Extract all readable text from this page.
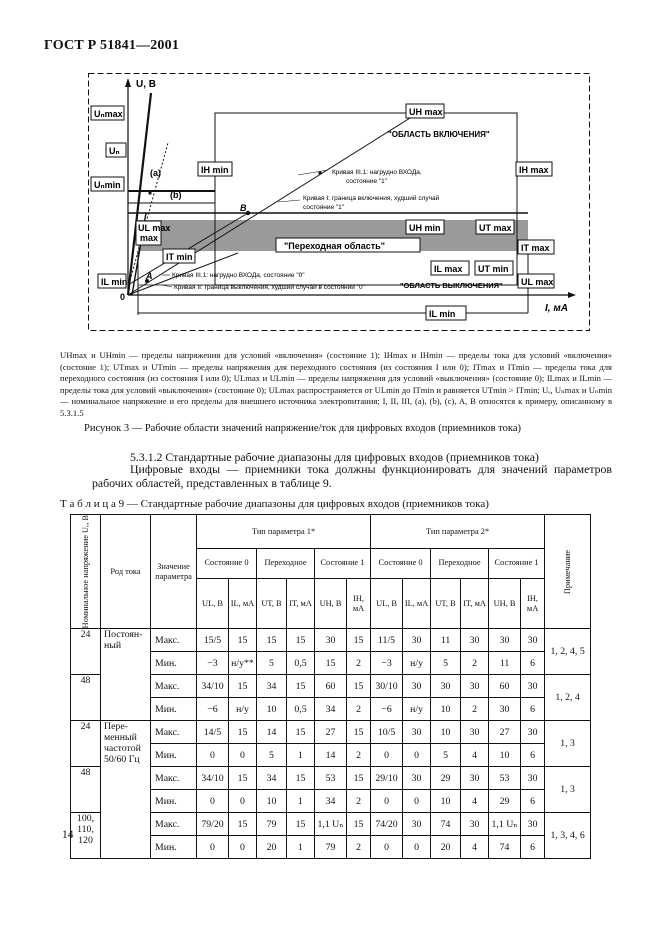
ГОСТ Р 51841—2001
U, В
I, мА
0
Uₙmax
Uₙ
Uₙmin
UL max
max
IL min
IT min
IH min	IH max
UH max
UH min	UT max
IT max
IL max UT min
UL max
IL min
"ОБЛАСТЬ ВКЛЮЧЕНИЯ"
"Переходная область"
"ОБЛАСТЬ ВЫКЛЮЧЕНИЯ"
Кривая III.1: нагрудно ВХОДа,
состояние "1"
Кривая I: граница включения, худший случай
состояние "1"
Кривая III.1: нагрудно ВХОДа, состояние "0"
Кривая II: граница выключения, худший случай в состоянии "0"
(a)
(b)
A
B
UHmax и UHmin — пределы напряжения для условий «включения» (состояние 1); IHmax и IHmin — пределы тока для условий «включения» (состоние 1); UTmax и UTmin — пределы напряжения для переходного состояния (из состояния I или 0); ITmax и ITmin — пределы тока для переходного состояния (из состояния I или 0); ULmax и ULmin — пределы напряжения для условий «выключения» (состояние 0); ILmax и ILmin — пределы тока для условий «выключения» (состояние 0); ULmax распространяется от ULmin до ITmin и равняется UTmin > ITmin; Uₑ, Uₙmax и Uₙmin — номинальное напряжение и его пределы для внешнего источника электропитания; I, II, III, (a), (b), (c), A, B относятся к примеру, описанному в 5.3.1.5
Рисунок 3 — Рабочие области значений напряжение/ток для цифровых входов (приемников тока)
5.3.1.2 Стандартные рабочие диапазоны для цифровых входов (приемников тока)
Цифровые входы — приемники тока должны функционировать для значений параметров рабочих областей, представленных в таблице 9.
Т а б л и ц а 9 — Стандартные рабочие диапазоны для цифровых входов (приемников тока)
Номинальное напряжение Uₑ, В	Род тока	Значение параметра	Тип параметра 1*						Тип параметра 2*						Примечание

			Состояние 0		Переходное		Состояние 1		Состояние 0		Переходное		Состояние 1		
			UL, В	IL, мА	UT, В	IT, мА	UH, В	IH, мА	UL, В	IL, мА	UT, В	IT, мА	UH, В	IH, мА	
24	Постоян-ный	Макс.	15/5	15	15	15	30	15	11/5	30	11	30	30	30	1, 2, 4, 5
		Мин.	−3	н/у**	5	0,5	15	2	−3	н/у	5	2	11	6	
48		Макс.	34/10	15	34	15	60	15	30/10	30	30	30	60	30	1, 2, 4
		Мин.	−6	н/у	10	0,5	34	2	−6	н/у	10	2	30	6	
24	Пере-менный частотой 50/60 Гц	Макс.	14/5	15	14	15	27	15	10/5	30	10	30	27	30	1, 3
		Мин.	0	0	5	1	14	2	0	0	5	4	10	6	
48		Макс.	34/10	15	34	15	53	15	29/10	30	29	30	53	30	1, 3
		Мин.	0	0	10	1	34	2	0	0	10	4	29	6	
100, 110, 120		Макс.	79/20	15	79	15	1,1 Uₙ	15	74/20	30	74	30	1,1 Uₙ	30	1, 3, 4, 6
		Мин.	0	0	20	1	79	2	0	0	20	4	74	6	
14
